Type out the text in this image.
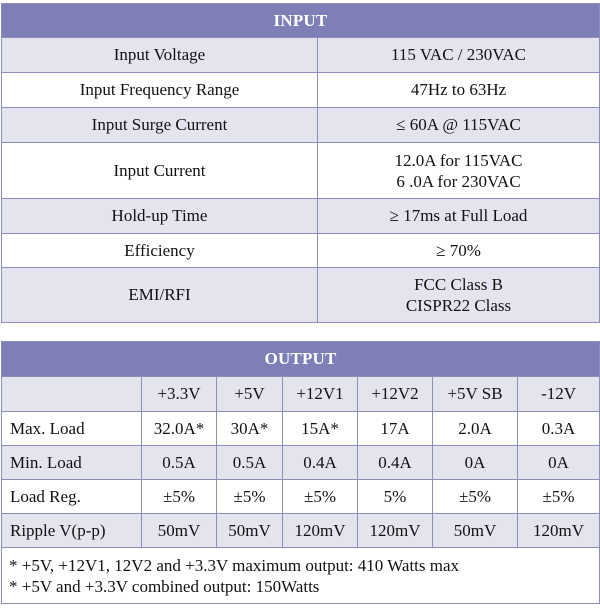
INPUT	
Input Voltage	115 VAC / 230VAC
Input Frequency Range	47Hz to 63Hz
Input Surge Current	≤ 60A @ 115VAC
Input Current	12.0A for 115VAC
6 .0A for 230VAC

Hold-up Time	≥ 17ms at Full Load
Efficiency	≥ 70%
EMI/RFI	FCC Class B
CISPR22 Class
OUTPUT						
	+3.3V	+5V	+12V1	+12V2	+5V SB	-12V
Max. Load	32.0A*	30A*	15A*	17A	2.0A	0.3A
Min. Load	0.5A	0.5A	0.4A	0.4A	0A	0A
Load Reg.	±5%	±5%	±5%	5%	±5%	±5%
Ripple V(p-p)	50mV	50mV	120mV	120mV	50mV	120mV

* +5V, +12V1, 12V2 and +3.3V maximum output: 410 Watts max
* +5V and +3.3V combined output: 150Watts						
